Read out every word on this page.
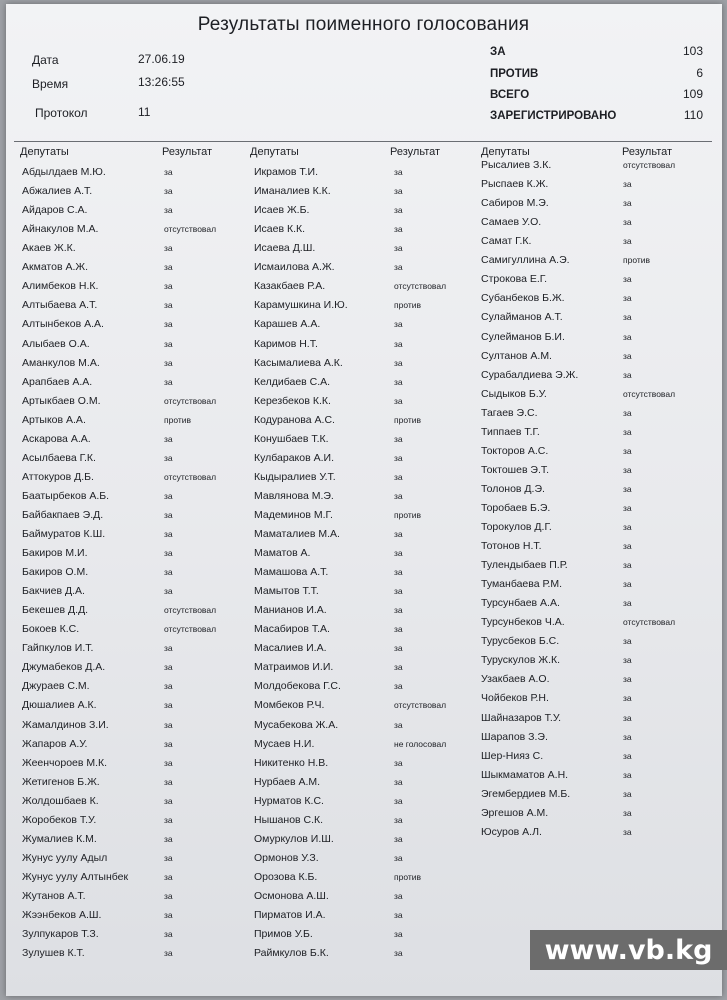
Результаты поименного голосования
Дата	27.06.19
Время	13:26:55
Протокол	11
ЗА	103
ПРОТИВ	6
ВСЕГО	109
ЗАРЕГИСТРИРОВАНО	110
Депутаты	Результат	Депутаты	Результат	Депутаты	Результат
Абдылдаев М.Ю.	за
Абжалиев А.Т.	за
Айдаров С.А.	за
Айнакулов М.А.	отсутствовал
Акаев Ж.К.	за
Акматов А.Ж.	за
Алимбеков Н.К.	за
Алтыбаева А.Т.	за
Алтынбеков А.А.	за
Алыбаев О.А.	за
Аманкулов М.А.	за
Арапбаев А.А.	за
Артыкбаев О.М.	отсутствовал
Артыков А.А.	против
Аскарова А.А.	за
Асылбаева Г.К.	за
Аттокуров Д.Б.	отсутствовал
Баатырбеков А.Б.	за
Байбакпаев Э.Д.	за
Баймуратов К.Ш.	за
Бакиров М.И.	за
Бакиров О.М.	за
Бакчиев Д.А.	за
Бекешев Д.Д.	отсутствовал
Бокоев К.С.	отсутствовал
Гайпкулов И.Т.	за
Джумабеков Д.А.	за
Джураев С.М.	за
Дюшалиев А.К.	за
Жамалдинов З.И.	за
Жапаров А.У.	за
Жеенчороев М.К.	за
Жетигенов Б.Ж.	за
Жолдошбаев К.	за
Жоробеков Т.У.	за
Жумалиев К.М.	за
Жунус уулу Адыл	за
Жунус уулу Алтынбек	за
Жутанов А.Т.	за
Жээнбеков А.Ш.	за
Зулпукаров Т.З.	за
Зулушев К.Т.	за
Икрамов Т.И.	за
Иманалиев К.К.	за
Исаев Ж.Б.	за
Исаев К.К.	за
Исаева Д.Ш.	за
Исмаилова А.Ж.	за
Казакбаев Р.А.	отсутствовал
Карамушкина И.Ю.	против
Карашев А.А.	за
Каримов Н.Т.	за
Касымалиева А.К.	за
Келдибаев С.А.	за
Керезбеков К.К.	за
Кодуранова А.С.	против
Конушбаев Т.К.	за
Кулбараков А.И.	за
Кыдыралиев У.Т.	за
Мавлянова М.Э.	за
Мадеминов М.Г.	против
Маматалиев М.А.	за
Маматов А.	за
Мамашова А.Т.	за
Мамытов Т.Т.	за
Манианов И.А.	за
Масабиров Т.А.	за
Масалиев И.А.	за
Матраимов И.И.	за
Молдобекова Г.С.	за
Момбеков Р.Ч.	отсутствовал
Мусабекова Ж.А.	за
Мусаев Н.И.	не голосовал
Никитенко Н.В.	за
Нурбаев А.М.	за
Нурматов К.С.	за
Нышанов С.К.	за
Омуркулов И.Ш.	за
Ормонов У.З.	за
Орозова К.Б.	против
Осмонова А.Ш.	за
Пирматов И.А.	за
Примов У.Б.	за
Раймкулов Б.К.	за
Рысалиев З.К.	отсутствовал
Рыспаев К.Ж.	за
Сабиров М.Э.	за
Самаев У.О.	за
Самат Г.К.	за
Самигуллина А.Э.	против
Строкова Е.Г.	за
Субанбеков Б.Ж.	за
Сулайманов А.Т.	за
Сулейманов Б.И.	за
Султанов А.М.	за
Сурабалдиева Э.Ж.	за
Сыдыков Б.У.	отсутствовал
Тагаев Э.С.	за
Типпаев Т.Г.	за
Токторов А.С.	за
Токтошев Э.Т.	за
Толонов Д.Э.	за
Торобаев Б.Э.	за
Торокулов Д.Г.	за
Тотонов Н.Т.	за
Тулендыбаев П.Р.	за
Туманбаева Р.М.	за
Турсунбаев А.А.	за
Турсунбеков Ч.А.	отсутствовал
Турусбеков Б.С.	за
Турускулов Ж.К.	за
Узакбаев А.О.	за
Чойбеков Р.Н.	за
Шайназаров Т.У.	за
Шарапов З.Э.	за
Шер-Нияз С.	за
Шыкмаматов А.Н.	за
Эгембердиев М.Б.	за
Эргешов А.М.	за
Юсуров А.Л.	за
www.vb.kg
